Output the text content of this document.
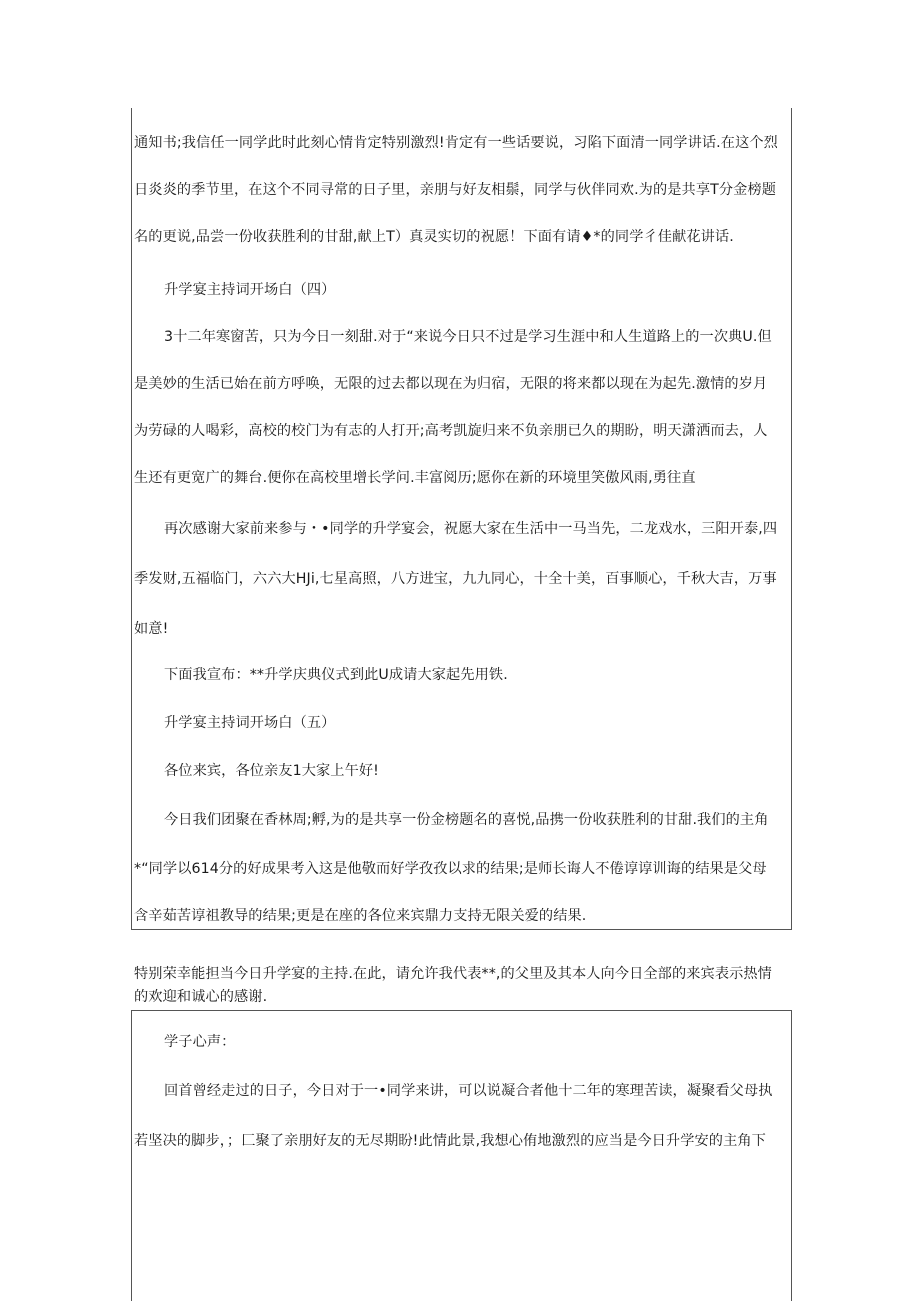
通知书;我信任一同学此时此刻心情肯定特别激烈!肯定有一些话要说，习陷下面清一同学讲话.在这个烈

日炎炎的季节里，在这个不同寻常的日子里，亲朋与好友相鬃，同学与伙伴同欢.为的是共享T分金榜题

名的更说,品尝一份收获胜利的甘甜,献上T）真灵实切的祝愿！下面有请♦*的同学彳佳献花讲话.

升学宴主持词开场白（四）

3十二年寒窗苦，只为今日一刻甜.对于“来说今日只不过是学习生涯中和人生道路上的一次典U.但

是美妙的生活已始在前方呼唤，无限的过去都以现在为归宿，无限的将来都以现在为起先.激情的岁月

为劳碌的人喝彩，高校的校门为有志的人打开;高考凯旋归来不负亲朋已久的期盼，明天潇洒而去，人

生还有更宽广的舞台.便你在高校里增长学问.丰富阅历;愿你在新的环境里笑傲风雨,勇往直

再次感谢大家前来参与・•同学的升学宴会，祝愿大家在生活中一马当先，二龙戏水，三阳开泰,四

季发财,五福临门，六六大HJi,七星高照，八方进宝，九九同心，十全十美，百事顺心，千秋大吉，万事

如意!

下面我宣布：**升学庆典仪式到此U成请大家起先用铁.

升学宴主持词开场白（五）

各位来宾，各位亲友1大家上午好!

今日我们团聚在香林周;孵,为的是共享一份金榜题名的喜悦,品携一份收获胜利的甘甜.我们的主角

*“同学以614分的好成果考入这是他敬而好学孜孜以求的结果;是师长诲人不倦谆谆训诲的结果是父母

含辛茹苦谆祖教导的结果;更是在座的各位来宾鼎力支持无限关爱的结果.

特别荣幸能担当今日升学宴的主持.在此，请允许我代表**,的父里及其本人向今日全部的来宾表示热情

的欢迎和诚心的感谢.

学子心声：

回首曾经走过的日子，今日对于一•同学来讲，可以说凝合者他十二年的寒理苦读，凝聚看父母执

若坚决的脚步，；匚聚了亲朋好友的无尽期盼!此情此景,我想心侑地激烈的应当是今日升学安的主角下
